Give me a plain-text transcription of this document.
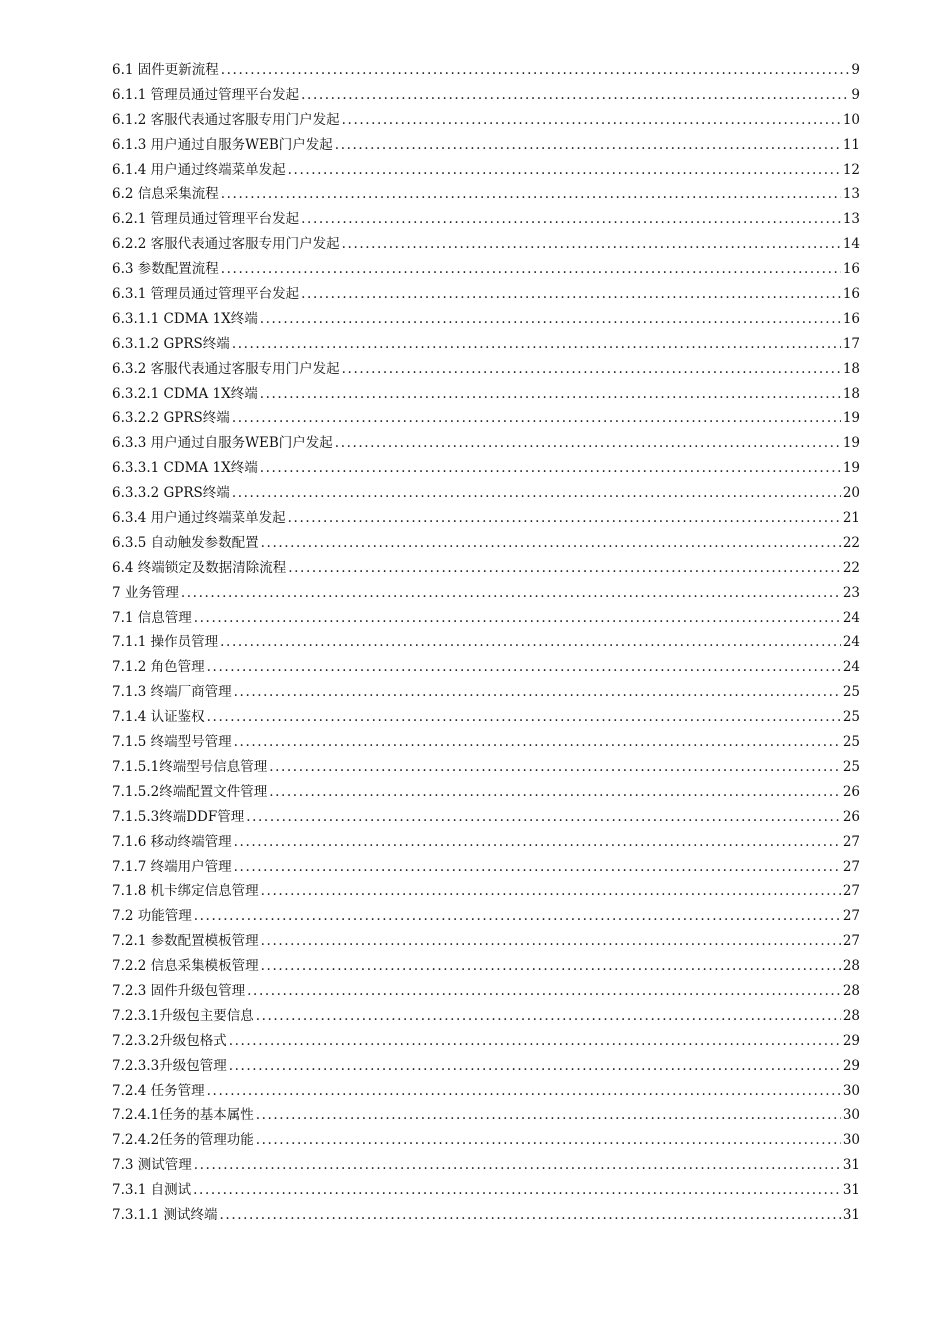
6.1 固件更新流程 .....	9
6.1.1 管理员通过管理平台发起 .....	9
6.1.2 客服代表通过客服专用门户发起 .....	10
6.1.3 用户通过自服务WEB门户发起 .....	11
6.1.4 用户通过终端菜单发起 .....	12
6.2 信息采集流程 .....	13
6.2.1 管理员通过管理平台发起 .....	13
6.2.2 客服代表通过客服专用门户发起 .....	14
6.3 参数配置流程 .....	16
6.3.1 管理员通过管理平台发起 .....	16
6.3.1.1 CDMA 1X终端 .....	16
6.3.1.2 GPRS终端 .....	17
6.3.2 客服代表通过客服专用门户发起 .....	18
6.3.2.1 CDMA 1X终端 .....	18
6.3.2.2 GPRS终端 .....	19
6.3.3 用户通过自服务WEB门户发起 .....	19
6.3.3.1 CDMA 1X终端 .....	19
6.3.3.2 GPRS终端 .....	20
6.3.4 用户通过终端菜单发起 .....	21
6.3.5 自动触发参数配置 .....	22
6.4 终端锁定及数据清除流程 .....	22
7 业务管理 .....	23
7.1 信息管理 .....	24
7.1.1 操作员管理 .....	24
7.1.2 角色管理 .....	24
7.1.3 终端厂商管理 .....	25
7.1.4 认证鉴权 .....	25
7.1.5 终端型号管理 .....	25
7.1.5.1终端型号信息管理 .....	25
7.1.5.2终端配置文件管理 .....	26
7.1.5.3终端DDF管理 .....	26
7.1.6 移动终端管理 .....	27
7.1.7 终端用户管理 .....	27
7.1.8 机卡绑定信息管理 .....	27
7.2 功能管理 .....	27
7.2.1 参数配置模板管理 .....	27
7.2.2 信息采集模板管理 .....	28
7.2.3 固件升级包管理 .....	28
7.2.3.1升级包主要信息 .....	28
7.2.3.2升级包格式 .....	29
7.2.3.3升级包管理 .....	29
7.2.4 任务管理 .....	30
7.2.4.1任务的基本属性 .....	30
7.2.4.2任务的管理功能 .....	30
7.3 测试管理 .....	31
7.3.1 自测试 .....	31
7.3.1.1 测试终端 .....	31
